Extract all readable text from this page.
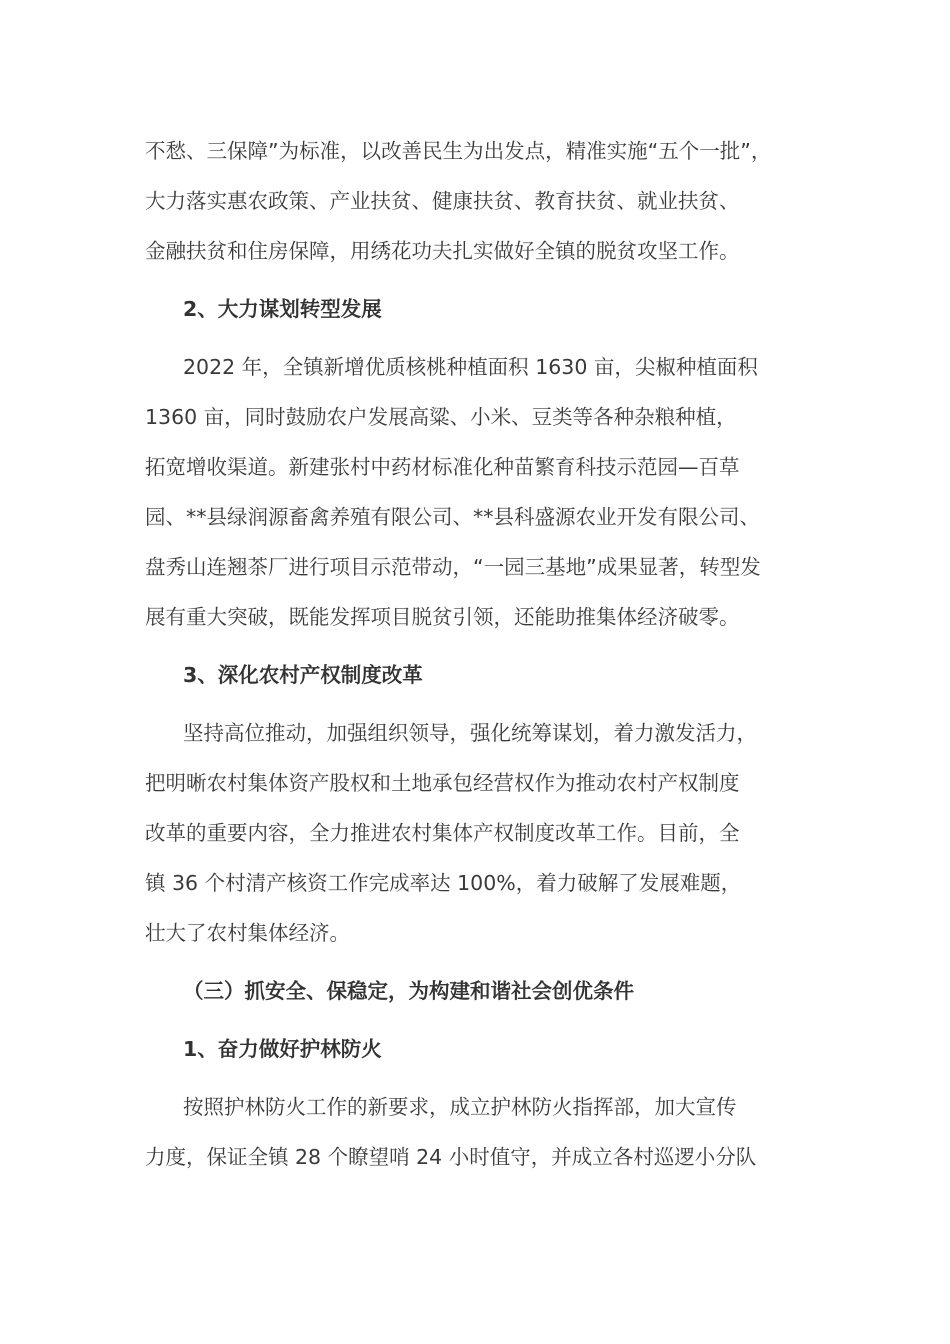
不愁、三保障”为标准，以改善民生为出发点，精准实施“五个一批”，
大力落实惠农政策、产业扶贫、健康扶贫、教育扶贫、就业扶贫、
金融扶贫和住房保障，用绣花功夫扎实做好全镇的脱贫攻坚工作。
2、大力谋划转型发展
2022 年，全镇新增优质核桃种植面积 1630 亩，尖椒种植面积
1360 亩，同时鼓励农户发展高粱、小米、豆类等各种杂粮种植，
拓宽增收渠道。新建张村中药材标准化种苗繁育科技示范园—百草
园、**县绿润源畜禽养殖有限公司、**县科盛源农业开发有限公司、
盘秀山连翘茶厂进行项目示范带动，“一园三基地”成果显著，转型发
展有重大突破，既能发挥项目脱贫引领，还能助推集体经济破零。
3、深化农村产权制度改革
坚持高位推动，加强组织领导，强化统筹谋划，着力激发活力，
把明晰农村集体资产股权和土地承包经营权作为推动农村产权制度
改革的重要内容，全力推进农村集体产权制度改革工作。目前，全
镇 36 个村清产核资工作完成率达 100%，着力破解了发展难题，
壮大了农村集体经济。
（三）抓安全、保稳定，为构建和谐社会创优条件
1、奋力做好护林防火
按照护林防火工作的新要求，成立护林防火指挥部，加大宣传
力度，保证全镇 28 个瞭望哨 24 小时值守，并成立各村巡逻小分队
